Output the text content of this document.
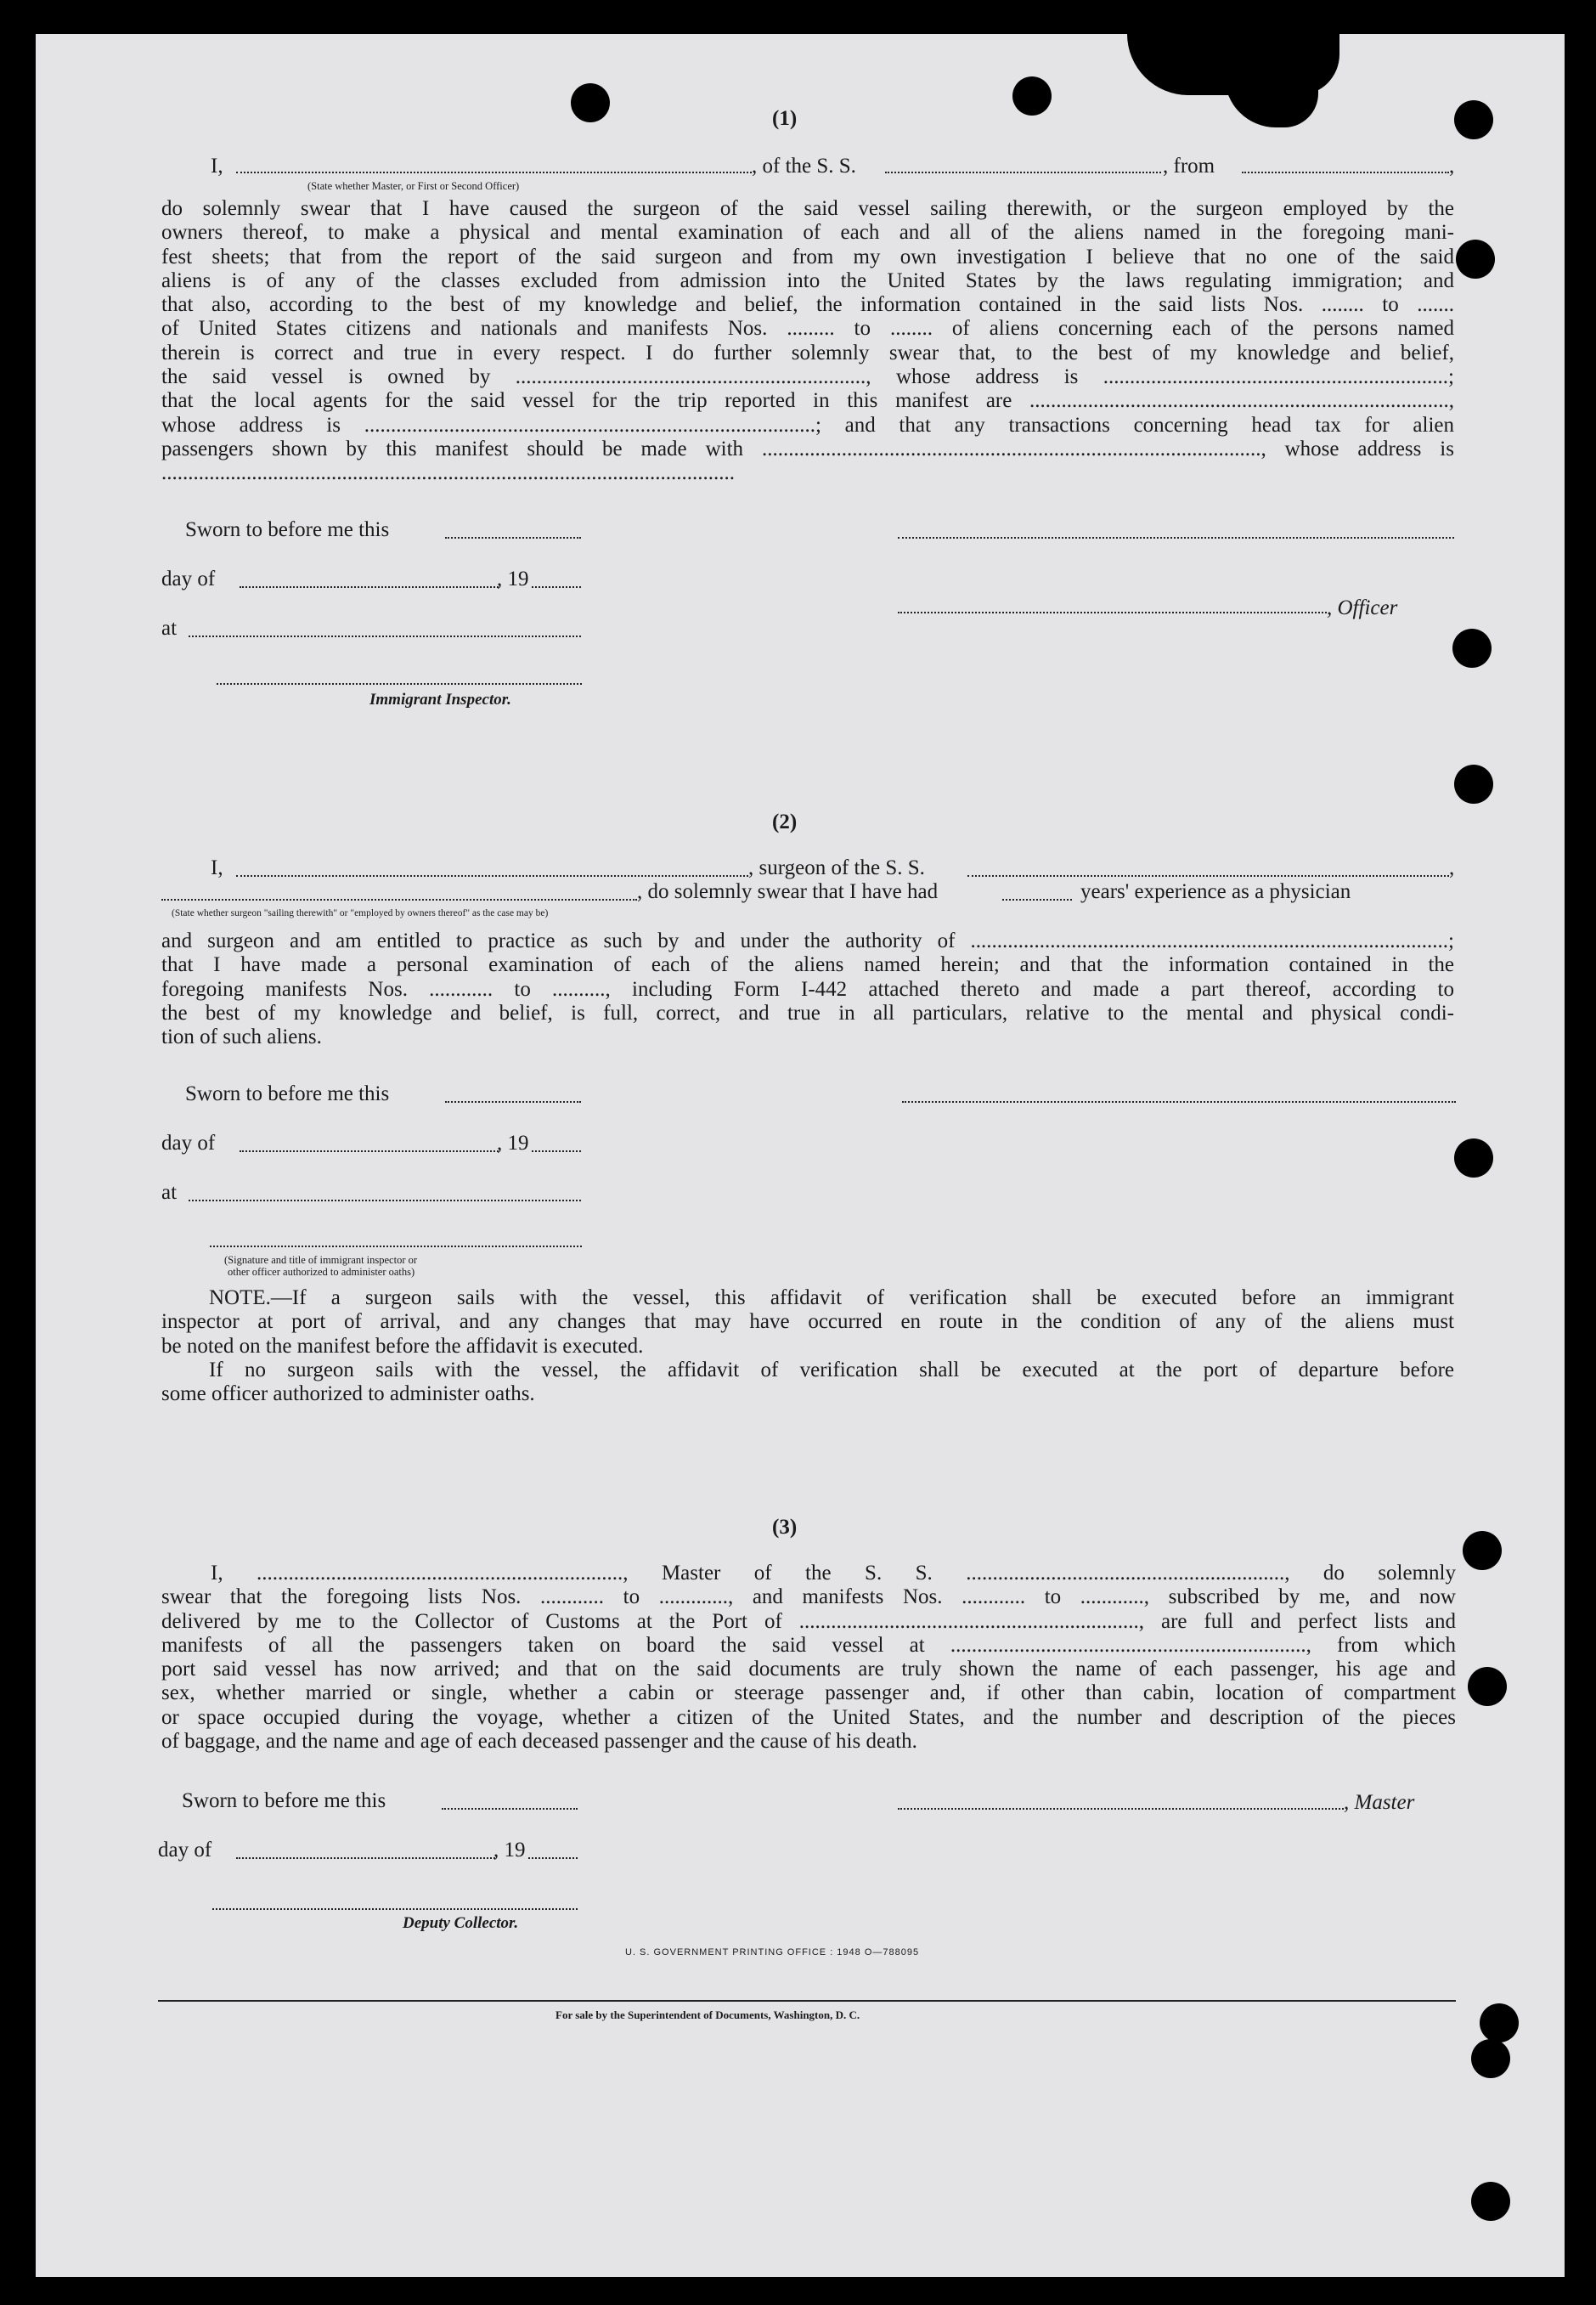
(1)
I,	, of the S. S.	, from	,
(State whether Master, or First or Second Officer)
do solemnly swear that I have caused the surgeon of the said vessel sailing therewith, or the surgeon employed by the
owners thereof, to make a physical and mental examination of each and all of the aliens named in the foregoing mani-
fest sheets; that from the report of the said surgeon and from my own investigation I believe that no one of the said
aliens is of any of the classes excluded from admission into the United States by the laws regulating immigration; and
that also, according to the best of my knowledge and belief, the information contained in the said lists Nos. ........ to .......
of United States citizens and nationals and manifests Nos. ......... to ........ of aliens concerning each of the persons named
therein is correct and true in every respect. I do further solemnly swear that, to the best of my knowledge and belief,
the said vessel is owned by .................................................................., whose address is .................................................................;
that the local agents for the said vessel for the trip reported in this manifest are ...............................................................................,
whose address is .....................................................................................; and that any transactions concerning head tax for alien
passengers shown by this manifest should be made with .............................................................................................., whose address is
............................................................................................................
Sworn to before me this
day of	, 19
, Officer
at
Immigrant Inspector.
(2)
I,	, surgeon of the S. S.	,
, do solemnly swear that I have had	years' experience as a physician
(State whether surgeon "sailing therewith" or "employed by owners thereof" as the case may be)
and surgeon and am entitled to practice as such by and under the authority of ..........................................................................................;
that I have made a personal examination of each of the aliens named herein; and that the information contained in the
foregoing manifests Nos. ............ to .........., including Form I-442 attached thereto and made a part thereof, according to
the best of my knowledge and belief, is full, correct, and true in all particulars, relative to the mental and physical condi-
tion of such aliens.
Sworn to before me this
day of	, 19
at
(Signature and title of immigrant inspector or
other officer authorized to administer oaths)
NOTE.—If a surgeon sails with the vessel, this affidavit of verification shall be executed before an immigrant
inspector at port of arrival, and any changes that may have occurred en route in the condition of any of the aliens must
be noted on the manifest before the affidavit is executed.
If no surgeon sails with the vessel, the affidavit of verification shall be executed at the port of departure before
some officer authorized to administer oaths.
(3)
I, ....................................................................., Master of the S. S. ............................................................, do solemnly
swear that the foregoing lists Nos. ............ to ............., and manifests Nos. ............ to ............, subscribed by me, and now
delivered by me to the Collector of Customs at the Port of ................................................................, are full and perfect lists and
manifests of all the passengers taken on board the said vessel at ..................................................................., from which
port said vessel has now arrived; and that on the said documents are truly shown the name of each passenger, his age and
sex, whether married or single, whether a cabin or steerage passenger and, if other than cabin, location of compartment
or space occupied during the voyage, whether a citizen of the United States, and the number and description of the pieces
of baggage, and the name and age of each deceased passenger and the cause of his death.
Sworn to before me this	, Master
day of	, 19
Deputy Collector.
U. S. GOVERNMENT PRINTING OFFICE : 1948 O—788095
For sale by the Superintendent of Documents, Washington, D. C.
